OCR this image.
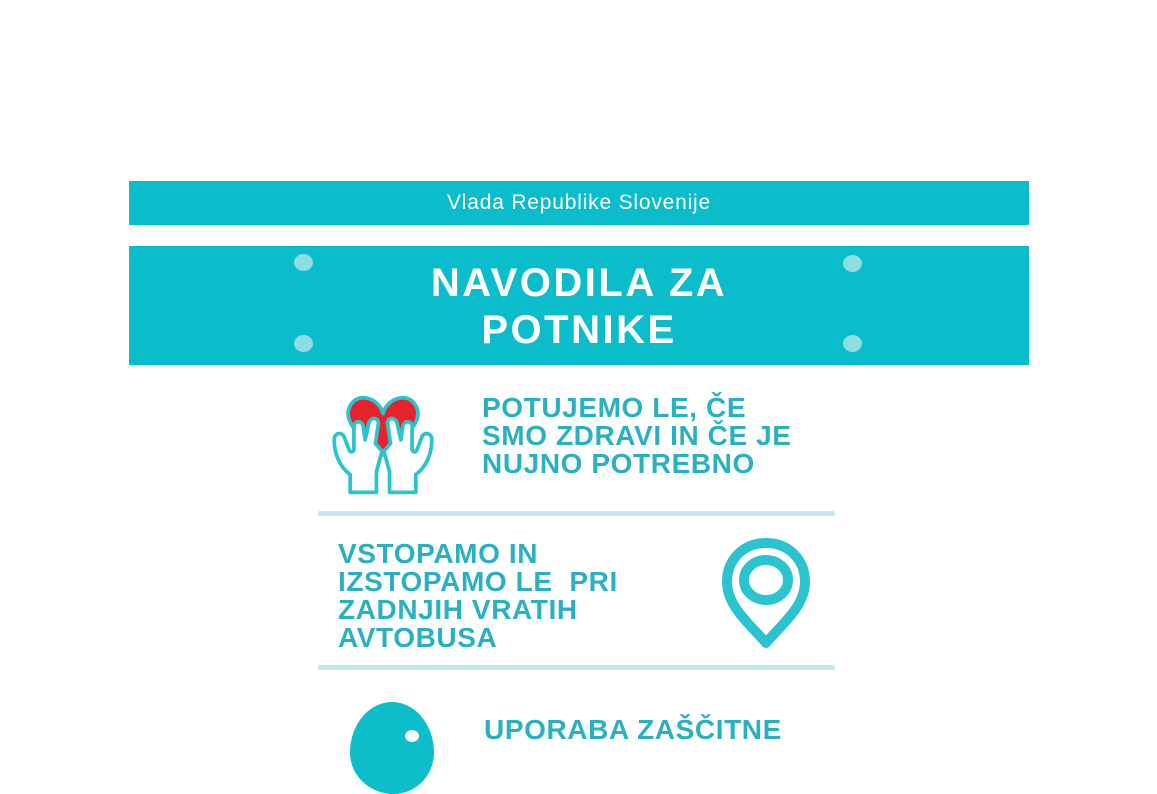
Vlada Republike Slovenije
NAVODILA ZA
POTNIKE
POTUJEMO LE, ČE
SMO ZDRAVI IN ČE JE
NUJNO POTREBNO
VSTOPAMO IN
IZSTOPAMO LE  PRI
ZADNJIH VRATIH
AVTOBUSA
UPORABA ZAŠČITNE
